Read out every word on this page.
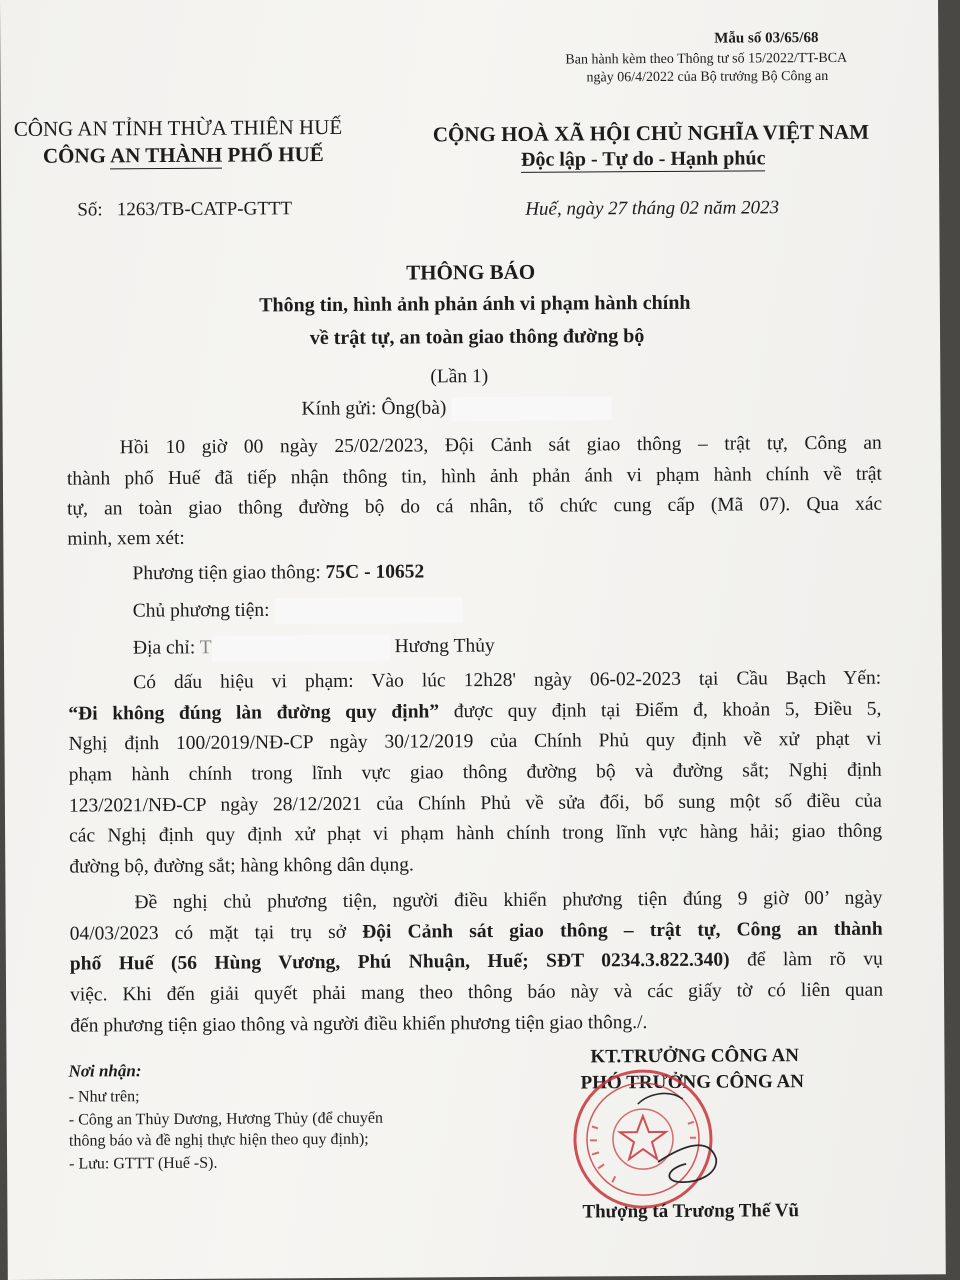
Mẫu số 03/65/68
Ban hành kèm theo Thông tư số 15/2022/TT-BCA
ngày 06/4/2022 của Bộ trưởng Bộ Công an
CÔNG AN TỈNH THỪA THIÊN HUẾ
CÔNG AN THÀNH PHỐ HUẾ
Số: 1263/TB-CATP-GTTT
CỘNG HOÀ XÃ HỘI CHỦ NGHĨA VIỆT NAM
Độc lập - Tự do - Hạnh phúc
Huế, ngày 27 tháng 02 năm 2023
THÔNG BÁO
Thông tin, hình ảnh phản ánh vi phạm hành chính
về trật tự, an toàn giao thông đường bộ
(Lần 1)
Kính gửi: Ông(bà)
Hồi 10 giờ 00 ngày 25/02/2023, Đội Cảnh sát giao thông – trật tự, Công an
thành phố Huế đã tiếp nhận thông tin, hình ảnh phản ánh vi phạm hành chính về trật
tự, an toàn giao thông đường bộ do cá nhân, tổ chức cung cấp (Mã 07). Qua xác
minh, xem xét:
Phương tiện giao thông: 75C - 10652
Chủ phương tiện:
Địa chỉ: T	Hương Thủy
Có dấu hiệu vi phạm: Vào lúc 12h28' ngày 06-02-2023 tại Cầu Bạch Yến:
“Đi không đúng làn đường quy định” được quy định tại Điểm đ, khoản 5, Điều 5,
Nghị định 100/2019/NĐ-CP ngày 30/12/2019 của Chính Phủ quy định về xử phạt vi
phạm hành chính trong lĩnh vực giao thông đường bộ và đường sắt; Nghị định
123/2021/NĐ-CP ngày 28/12/2021 của Chính Phủ về sửa đổi, bổ sung một số điều của
các Nghị định quy định xử phạt vi phạm hành chính trong lĩnh vực hàng hải; giao thông
đường bộ, đường sắt; hàng không dân dụng.
Đề nghị chủ phương tiện, người điều khiển phương tiện đúng 9 giờ 00’ ngày
04/03/2023 có mặt tại trụ sở Đội Cảnh sát giao thông – trật tự, Công an thành
phố Huế (56 Hùng Vương, Phú Nhuận, Huế; SĐT 0234.3.822.340) để làm rõ vụ
việc. Khi đến giải quyết phải mang theo thông báo này và các giấy tờ có liên quan
đến phương tiện giao thông và người điều khiển phương tiện giao thông./.
Nơi nhận:
- Như trên;
- Công an Thủy Dương, Hương Thủy (để chuyển
thông báo và đề nghị thực hiện theo quy định);
- Lưu: GTTT (Huế -S).
KT.TRƯỞNG CÔNG AN
PHÓ TRƯỞNG CÔNG AN
Thượng tá Trương Thế Vũ
